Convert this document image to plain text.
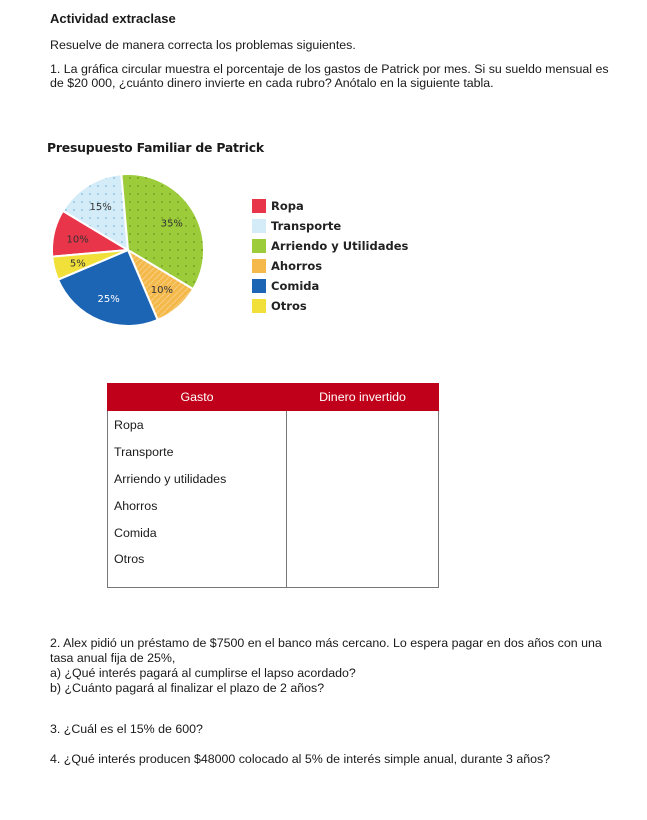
Actividad extraclase
Resuelve de manera correcta los problemas siguientes.
1. La gráfica circular muestra el porcentaje de los gastos de Patrick por mes. Si su sueldo mensual es de $20 000, ¿cuánto dinero invierte en cada rubro? Anótalo en la siguiente tabla.
Presupuesto Familiar de Patrick
10%
15%
35%
10%
25%
5%
Ropa
Transporte
Arriendo y Utilidades
Ahorros
Comida
Otros
Gasto	Dinero invertido
Ropa	
Transporte	
Arriendo y utilidades	
Ahorros	
Comida	
Otros	
2. Alex pidió un préstamo de $7500 en el banco más cercano. Lo espera pagar en dos años con una tasa anual fija de 25%,
a) ¿Qué interés pagará al cumplirse el lapso acordado?
b) ¿Cuánto pagará al finalizar el plazo de 2 años?
3. ¿Cuál es el 15% de 600?
4. ¿Qué interés producen $48000 colocado al 5% de interés simple anual, durante 3 años?
